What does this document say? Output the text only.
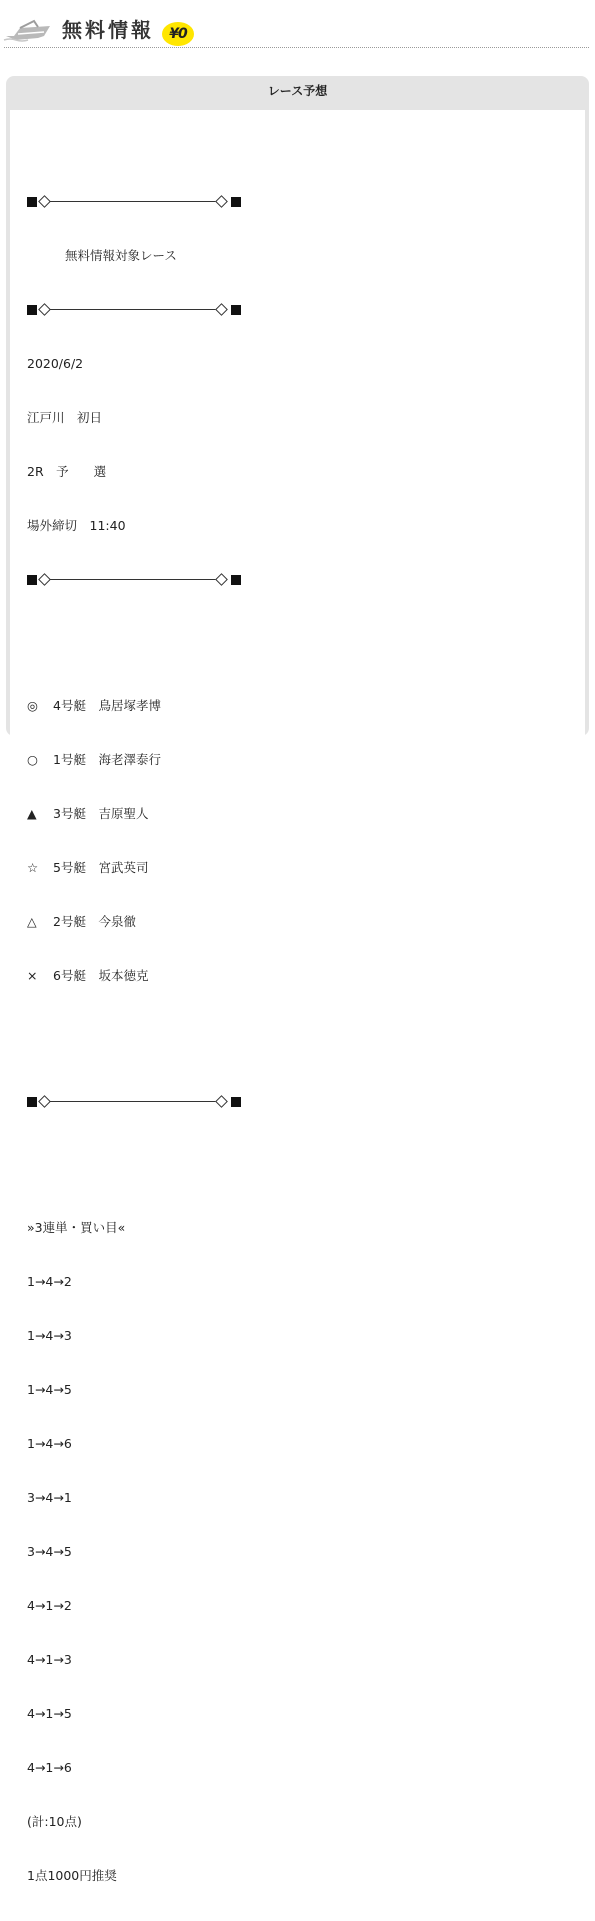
無料情報	¥0
レース予想

無料情報対象レース

2020/6/2

江戸川　初日

2R　予　　選

場外締切　11:40

◎ 4号艇　 鳥居塚孝博

○ 1号艇　 海老澤泰行

▲ 3号艇　 吉原聖人

☆ 5号艇　 宮武英司

△ 2号艇　 今泉徹

× 6号艇　 坂本徳克

»3連単・買い目«

1→4→2

1→4→3

1→4→5

1→4→6

3→4→1

3→4→5

4→1→2

4→1→3

4→1→5

4→1→6

(計:10点)

1点1000円推奨
